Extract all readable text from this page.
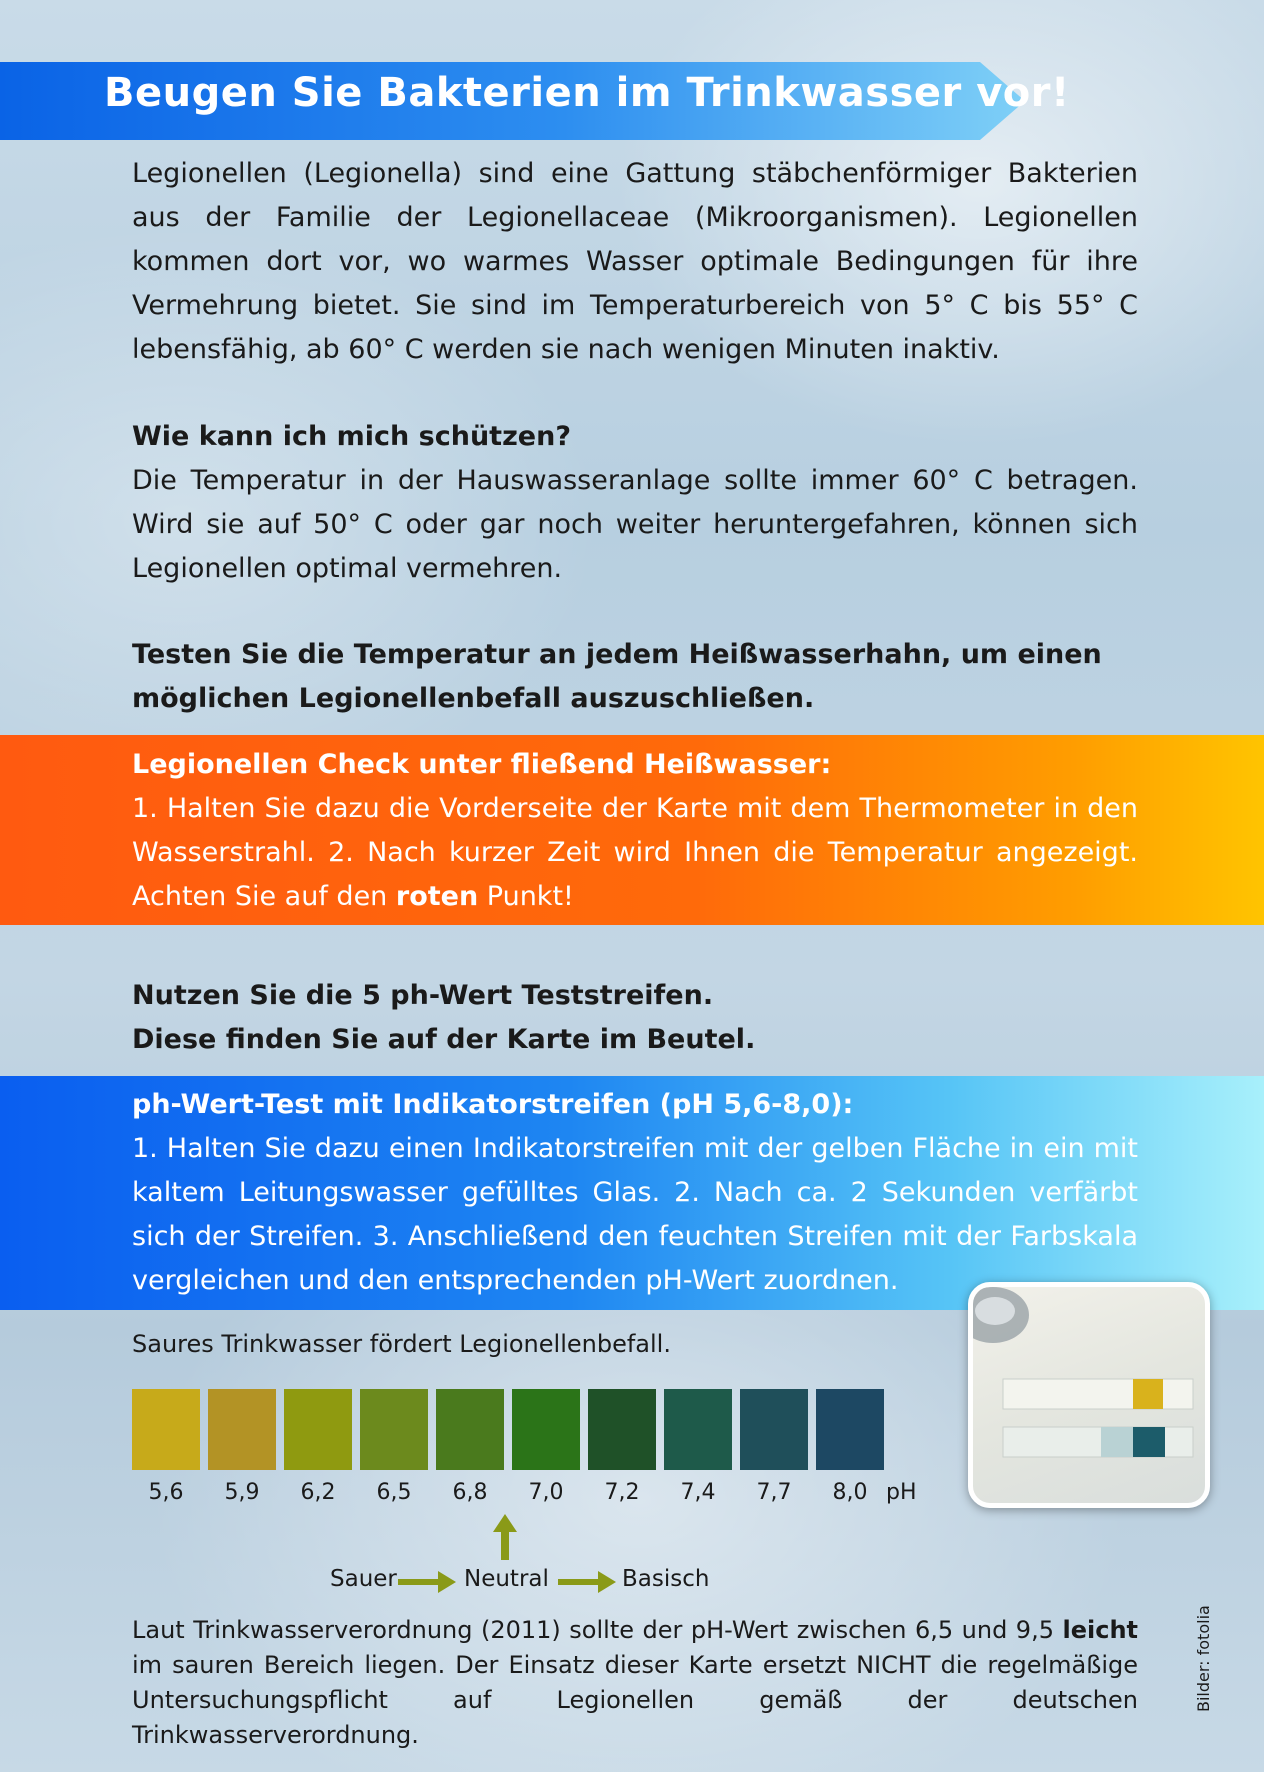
Beugen Sie Bakterien im Trinkwasser vor!

Legionellen (Legionella) sind eine Gattung stäbchenförmiger Bakterien aus der Familie der Legionellaceae (Mikroorganismen). Legionellen kommen dort vor, wo warmes Wasser optimale Bedingungen für ihre Vermehrung bietet. Sie sind im Temperaturbereich von 5° C bis 55° C lebensfähig, ab 60° C werden sie nach wenigen Minuten inaktiv.

Wie kann ich mich schützen?

Die Temperatur in der Hauswasseranlage sollte immer 60° C betragen. Wird sie auf 50° C oder gar noch weiter heruntergefahren, können sich Legionellen optimal vermehren.

Testen Sie die Temperatur an jedem Heißwasserhahn, um einen
möglichen Legionellenbefall auszuschließen.
Legionellen Check unter fließend Heißwasser:

1. Halten Sie dazu die Vorderseite der Karte mit dem Thermometer in den Wasserstrahl. 2. Nach kurzer Zeit wird Ihnen die Temperatur angezeigt. Achten Sie auf den roten Punkt!

Nutzen Sie die 5 ph-Wert Teststreifen.
Diese finden Sie auf der Karte im Beutel.
ph-Wert-Test mit Indikatorstreifen (pH 5,6-8,0):

1. Halten Sie dazu einen Indikatorstreifen mit der gelben Fläche in ein mit kaltem Leitungswasser gefülltes Glas. 2. Nach ca. 2 Sekunden verfärbt sich der Streifen. 3. Anschließend den feuchten Streifen mit der Farbskala vergleichen und den entsprechenden pH-Wert zuordnen.

Saures Trinkwasser fördert Legionellenbefall.
5,6	5,9	6,2	6,5	6,8	7,0	7,2	7,4	7,7	8,0 pH
Sauer	Neutral	Basisch

Laut Trinkwasserverordnung (2011) sollte der pH-Wert zwischen 6,5 und 9,5 leicht im sauren Bereich liegen. Der Einsatz dieser Karte ersetzt NICHT die regelmäßige Untersuchungspflicht auf Legionellen gemäß der deutschen Trinkwasserverordnung.

Bilder: fotolia
